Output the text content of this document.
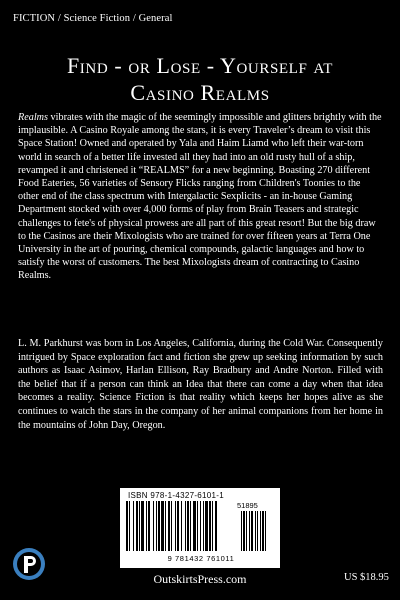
FICTION / Science Fiction / General
Find - or Lose - Yourself at
Casino Realms
Realms vibrates with the magic of the seemingly impossible and glitters brightly with the implausible. A Casino Royale among the stars, it is every Traveler’s dream to visit this Space Station! Owned and operated by Yala and Haim Liamd who left their war-torn world in search of a better life invested all they had into an old rusty hull of a ship, revamped it and christened it “REALMS” for a new beginning. Boasting 270 different Food Eateries, 56 varieties of Sensory Flicks ranging from Children's Toonies to the other end of the class spectrum with Intergalactic Sexplicits - an in-house Gaming Department stocked with over 4,000 forms of play from Brain Teasers and strategic challenges to fete's of physical prowess are all part of this great resort! But the big draw to the Casinos are their Mixologists who are trained for over fifteen years at Terra One University in the art of pouring, chemical compounds, galactic languages and how to satisfy the worst of customers. The best Mixologists dream of contracting to Casino Realms.
L. M. Parkhurst was born in Los Angeles, California, during the Cold War. Consequently intrigued by Space exploration fact and fiction she grew up seeking information by such authors as Isaac Asimov, Harlan Ellison, Ray Bradbury and Andre Norton. Filled with the belief that if a person can think an Idea that there can come a day when that idea becomes a reality. Science Fiction is that reality which keeps her hopes alive as she continues to watch the stars in the company of her animal companions from her home in the mountains of John Day, Oregon.
ISBN 978-1-4327-6101-1
51895
9 781432 761011
OutskirtsPress.com	US $18.95
